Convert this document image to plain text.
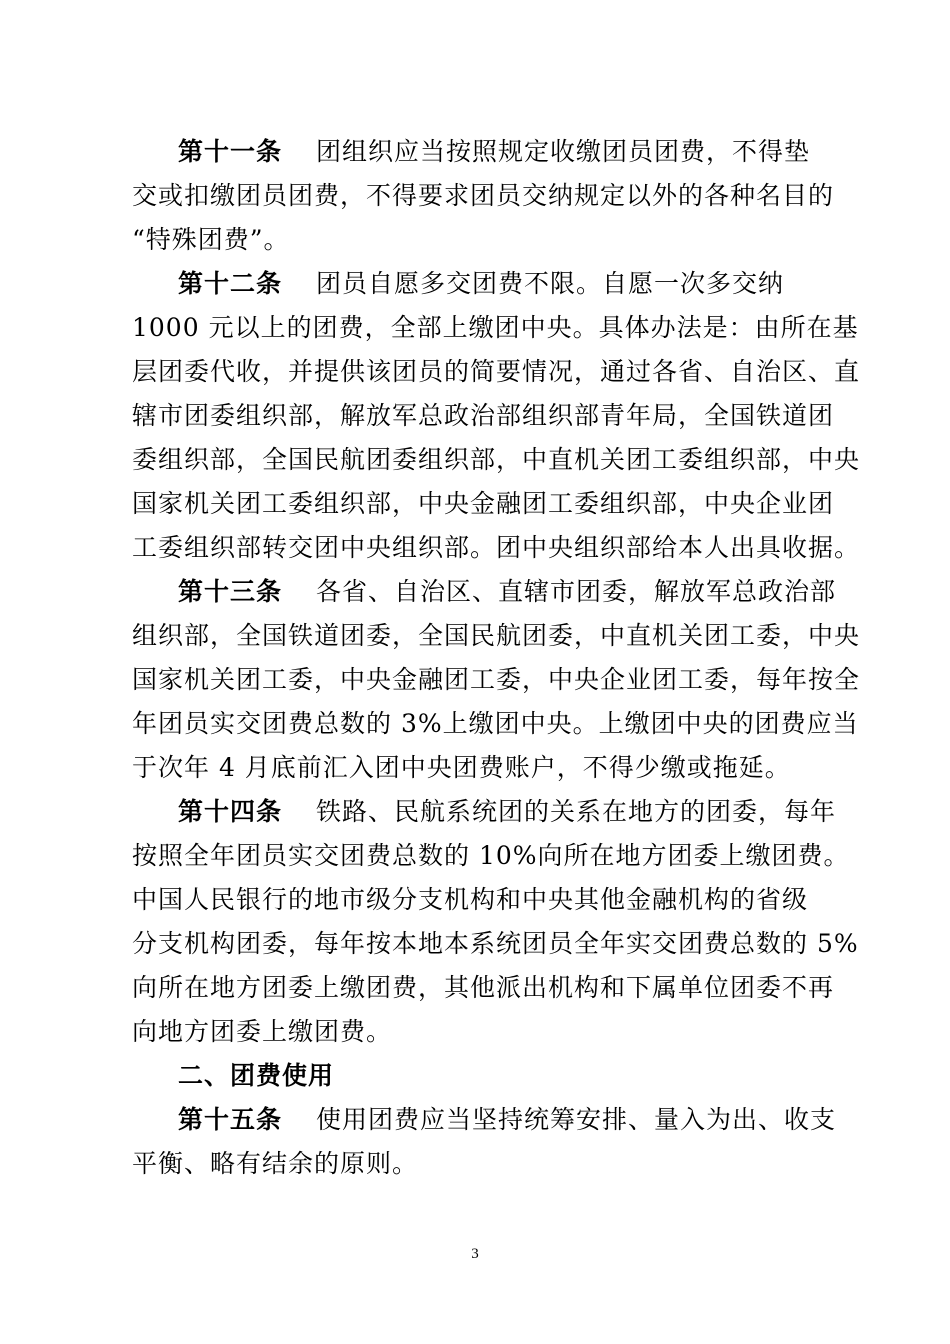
第十一条 团组织应当按照规定收缴团员团费，不得垫
交或扣缴团员团费，不得要求团员交纳规定以外的各种名目的
“特殊团费”。
第十二条 团员自愿多交团费不限。自愿一次多交纳
1000 元以上的团费，全部上缴团中央。具体办法是：由所在基
层团委代收，并提供该团员的简要情况，通过各省、自治区、直
辖市团委组织部，解放军总政治部组织部青年局，全国铁道团
委组织部，全国民航团委组织部，中直机关团工委组织部，中央
国家机关团工委组织部，中央金融团工委组织部，中央企业团
工委组织部转交团中央组织部。团中央组织部给本人出具收据。
第十三条 各省、自治区、直辖市团委，解放军总政治部
组织部，全国铁道团委，全国民航团委，中直机关团工委，中央
国家机关团工委，中央金融团工委，中央企业团工委，每年按全
年团员实交团费总数的 3%上缴团中央。上缴团中央的团费应当
于次年 4 月底前汇入团中央团费账户，不得少缴或拖延。
第十四条 铁路、民航系统团的关系在地方的团委，每年
按照全年团员实交团费总数的 10%向所在地方团委上缴团费。
中国人民银行的地市级分支机构和中央其他金融机构的省级
分支机构团委，每年按本地本系统团员全年实交团费总数的 5%
向所在地方团委上缴团费，其他派出机构和下属单位团委不再
向地方团委上缴团费。
二、团费使用
第十五条 使用团费应当坚持统筹安排、量入为出、收支
平衡、略有结余的原则。
3
